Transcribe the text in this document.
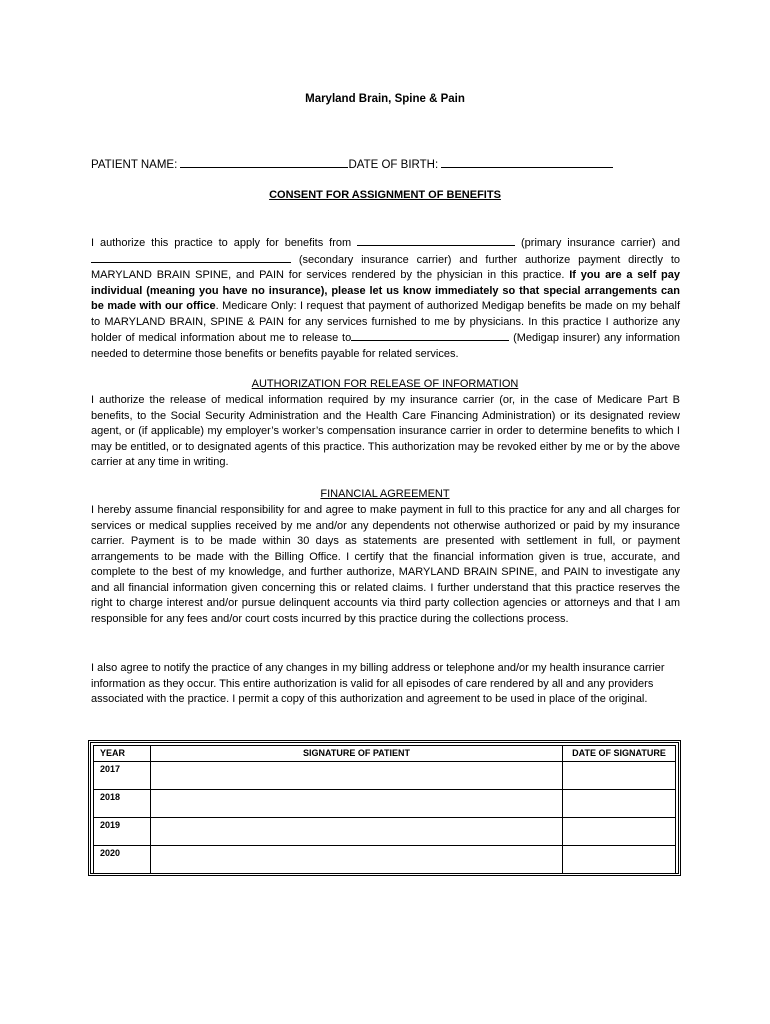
Maryland Brain, Spine & Pain
PATIENT NAME:	DATE OF BIRTH:
CONSENT FOR ASSIGNMENT OF BENEFITS
I authorize this practice to apply for benefits from	(primary insurance carrier) and  (secondary insurance carrier) and further authorize payment directly to MARYLAND BRAIN SPINE, and PAIN for services rendered by the physician in this practice. If you are a self pay individual (meaning you have no insurance), please let us know immediately so that special arrangements can be made with our office. Medicare Only: I request that payment of authorized Medigap benefits be made on my behalf to MARYLAND BRAIN, SPINE & PAIN for any services furnished to me by physicians. In this practice I authorize any holder of medical information about me to release to	(Medigap insurer) any information needed to determine those benefits or benefits payable for related services.
AUTHORIZATION FOR RELEASE OF INFORMATION
I authorize the release of medical information required by my insurance carrier (or, in the case of Medicare Part B benefits, to the Social Security Administration and the Health Care Financing Administration) or its designated review agent, or (if applicable) my employer’s worker’s compensation insurance carrier in order to determine benefits to which I may be entitled, or to designated agents of this practice. This authorization may be revoked either by me or by the above carrier at any time in writing.
FINANCIAL AGREEMENT
I hereby assume financial responsibility for and agree to make payment in full to this practice for any and all charges for services or medical supplies received by me and/or any dependents not otherwise authorized or paid by my insurance carrier. Payment is to be made within 30 days as statements are presented with settlement in full, or payment arrangements to be made with the Billing Office. I certify that the financial information given is true, accurate, and complete to the best of my knowledge, and further authorize, MARYLAND BRAIN SPINE, and PAIN to investigate any and all financial information given concerning this or related claims. I further understand that this practice reserves the right to charge interest and/or pursue delinquent accounts via third party collection agencies or attorneys and that I am responsible for any fees and/or court costs incurred by this practice during the collections process.
I also agree to notify the practice of any changes in my billing address or telephone and/or my health insurance carrier information as they occur. This entire authorization is valid for all episodes of care rendered by all and any providers associated with the practice. I permit a copy of this authorization and agreement to be used in place of the original.
YEAR	SIGNATURE OF PATIENT	DATE OF SIGNATURE
2017		
2018		
2019		
2020		
